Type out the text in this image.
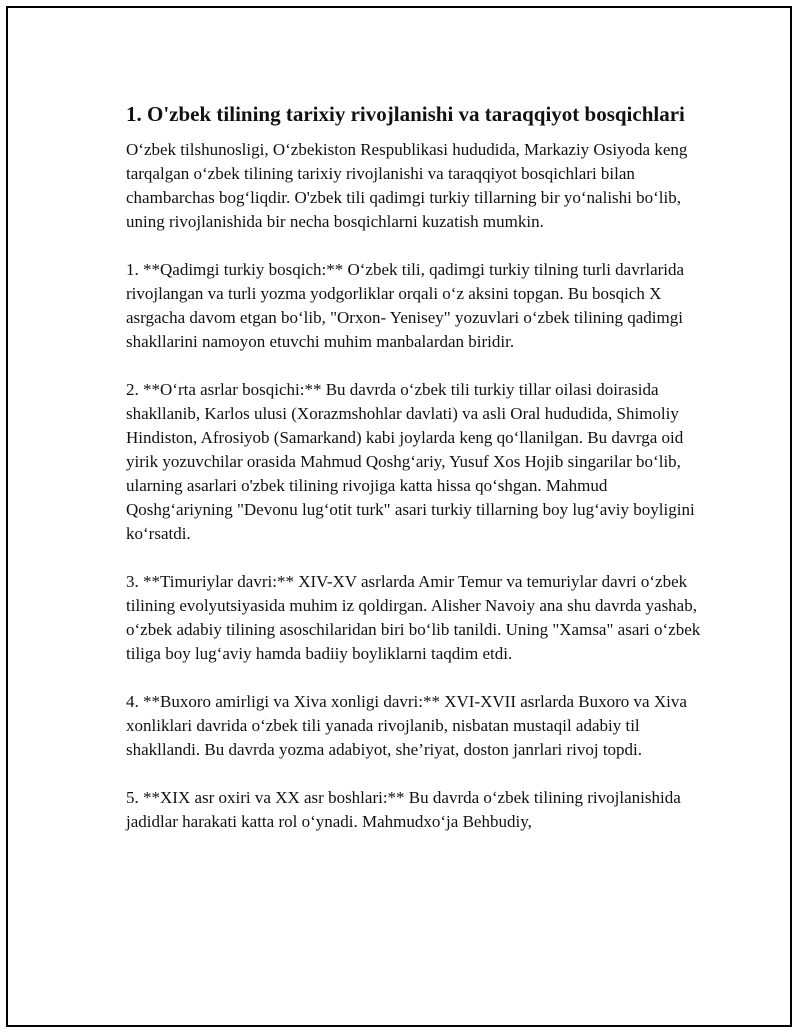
1. O'zbek tilining tarixiy rivojlanishi va taraqqiyot bosqichlari

O‘zbek tilshunosligi, O‘zbekiston Respublikasi hududida, Markaziy Osiyoda keng tarqalgan o‘zbek tilining tarixiy rivojlanishi va taraqqiyot bosqichlari bilan chambarchas bog‘liqdir. O'zbek tili qadimgi turkiy tillarning bir yo‘nalishi bo‘lib, uning rivojlanishida bir necha bosqichlarni kuzatish mumkin.

1. **Qadimgi turkiy bosqich:** O‘zbek tili, qadimgi turkiy tilning turli davrlarida rivojlangan va turli yozma yodgorliklar orqali o‘z aksini topgan. Bu bosqich X asrgacha davom etgan bo‘lib, "Orxon- Yenisey" yozuvlari o‘zbek tilining qadimgi shakllarini namoyon etuvchi muhim manbalardan biridir.

2. **O‘rta asrlar bosqichi:** Bu davrda o‘zbek tili turkiy tillar oilasi doirasida shakllanib, Karlos ulusi (Xorazmshohlar davlati) va asli Oral hududida, Shimoliy Hindiston, Afrosiyob (Samarkand) kabi joylarda keng qo‘llanilgan. Bu davrga oid yirik yozuvchilar orasida Mahmud Qoshg‘ariy, Yusuf Xos Hojib singarilar bo‘lib, ularning asarlari o'zbek tilining rivojiga katta hissa qo‘shgan. Mahmud Qoshg‘ariyning "Devonu lug‘otit turk" asari turkiy tillarning boy lug‘aviy boyligini ko‘rsatdi.

3. **Timuriylar davri:** XIV-XV asrlarda Amir Temur va temuriylar davri o‘zbek tilining evolyutsiyasida muhim iz qoldirgan. Alisher Navoiy ana shu davrda yashab, o‘zbek adabiy tilining asoschilaridan biri bo‘lib tanildi. Uning "Xamsa" asari o‘zbek tiliga boy lug‘aviy hamda badiiy boyliklarni taqdim etdi.

4. **Buxoro amirligi va Xiva xonligi davri:** XVI-XVII asrlarda Buxoro va Xiva xonliklari davrida o‘zbek tili yanada rivojlanib, nisbatan mustaqil adabiy til shakllandi. Bu davrda yozma adabiyot, she’riyat, doston janrlari rivoj topdi.

5. **XIX asr oxiri va XX asr boshlari:** Bu davrda o‘zbek tilining rivojlanishida jadidlar harakati katta rol o‘ynadi. Mahmudxo‘ja Behbudiy,
